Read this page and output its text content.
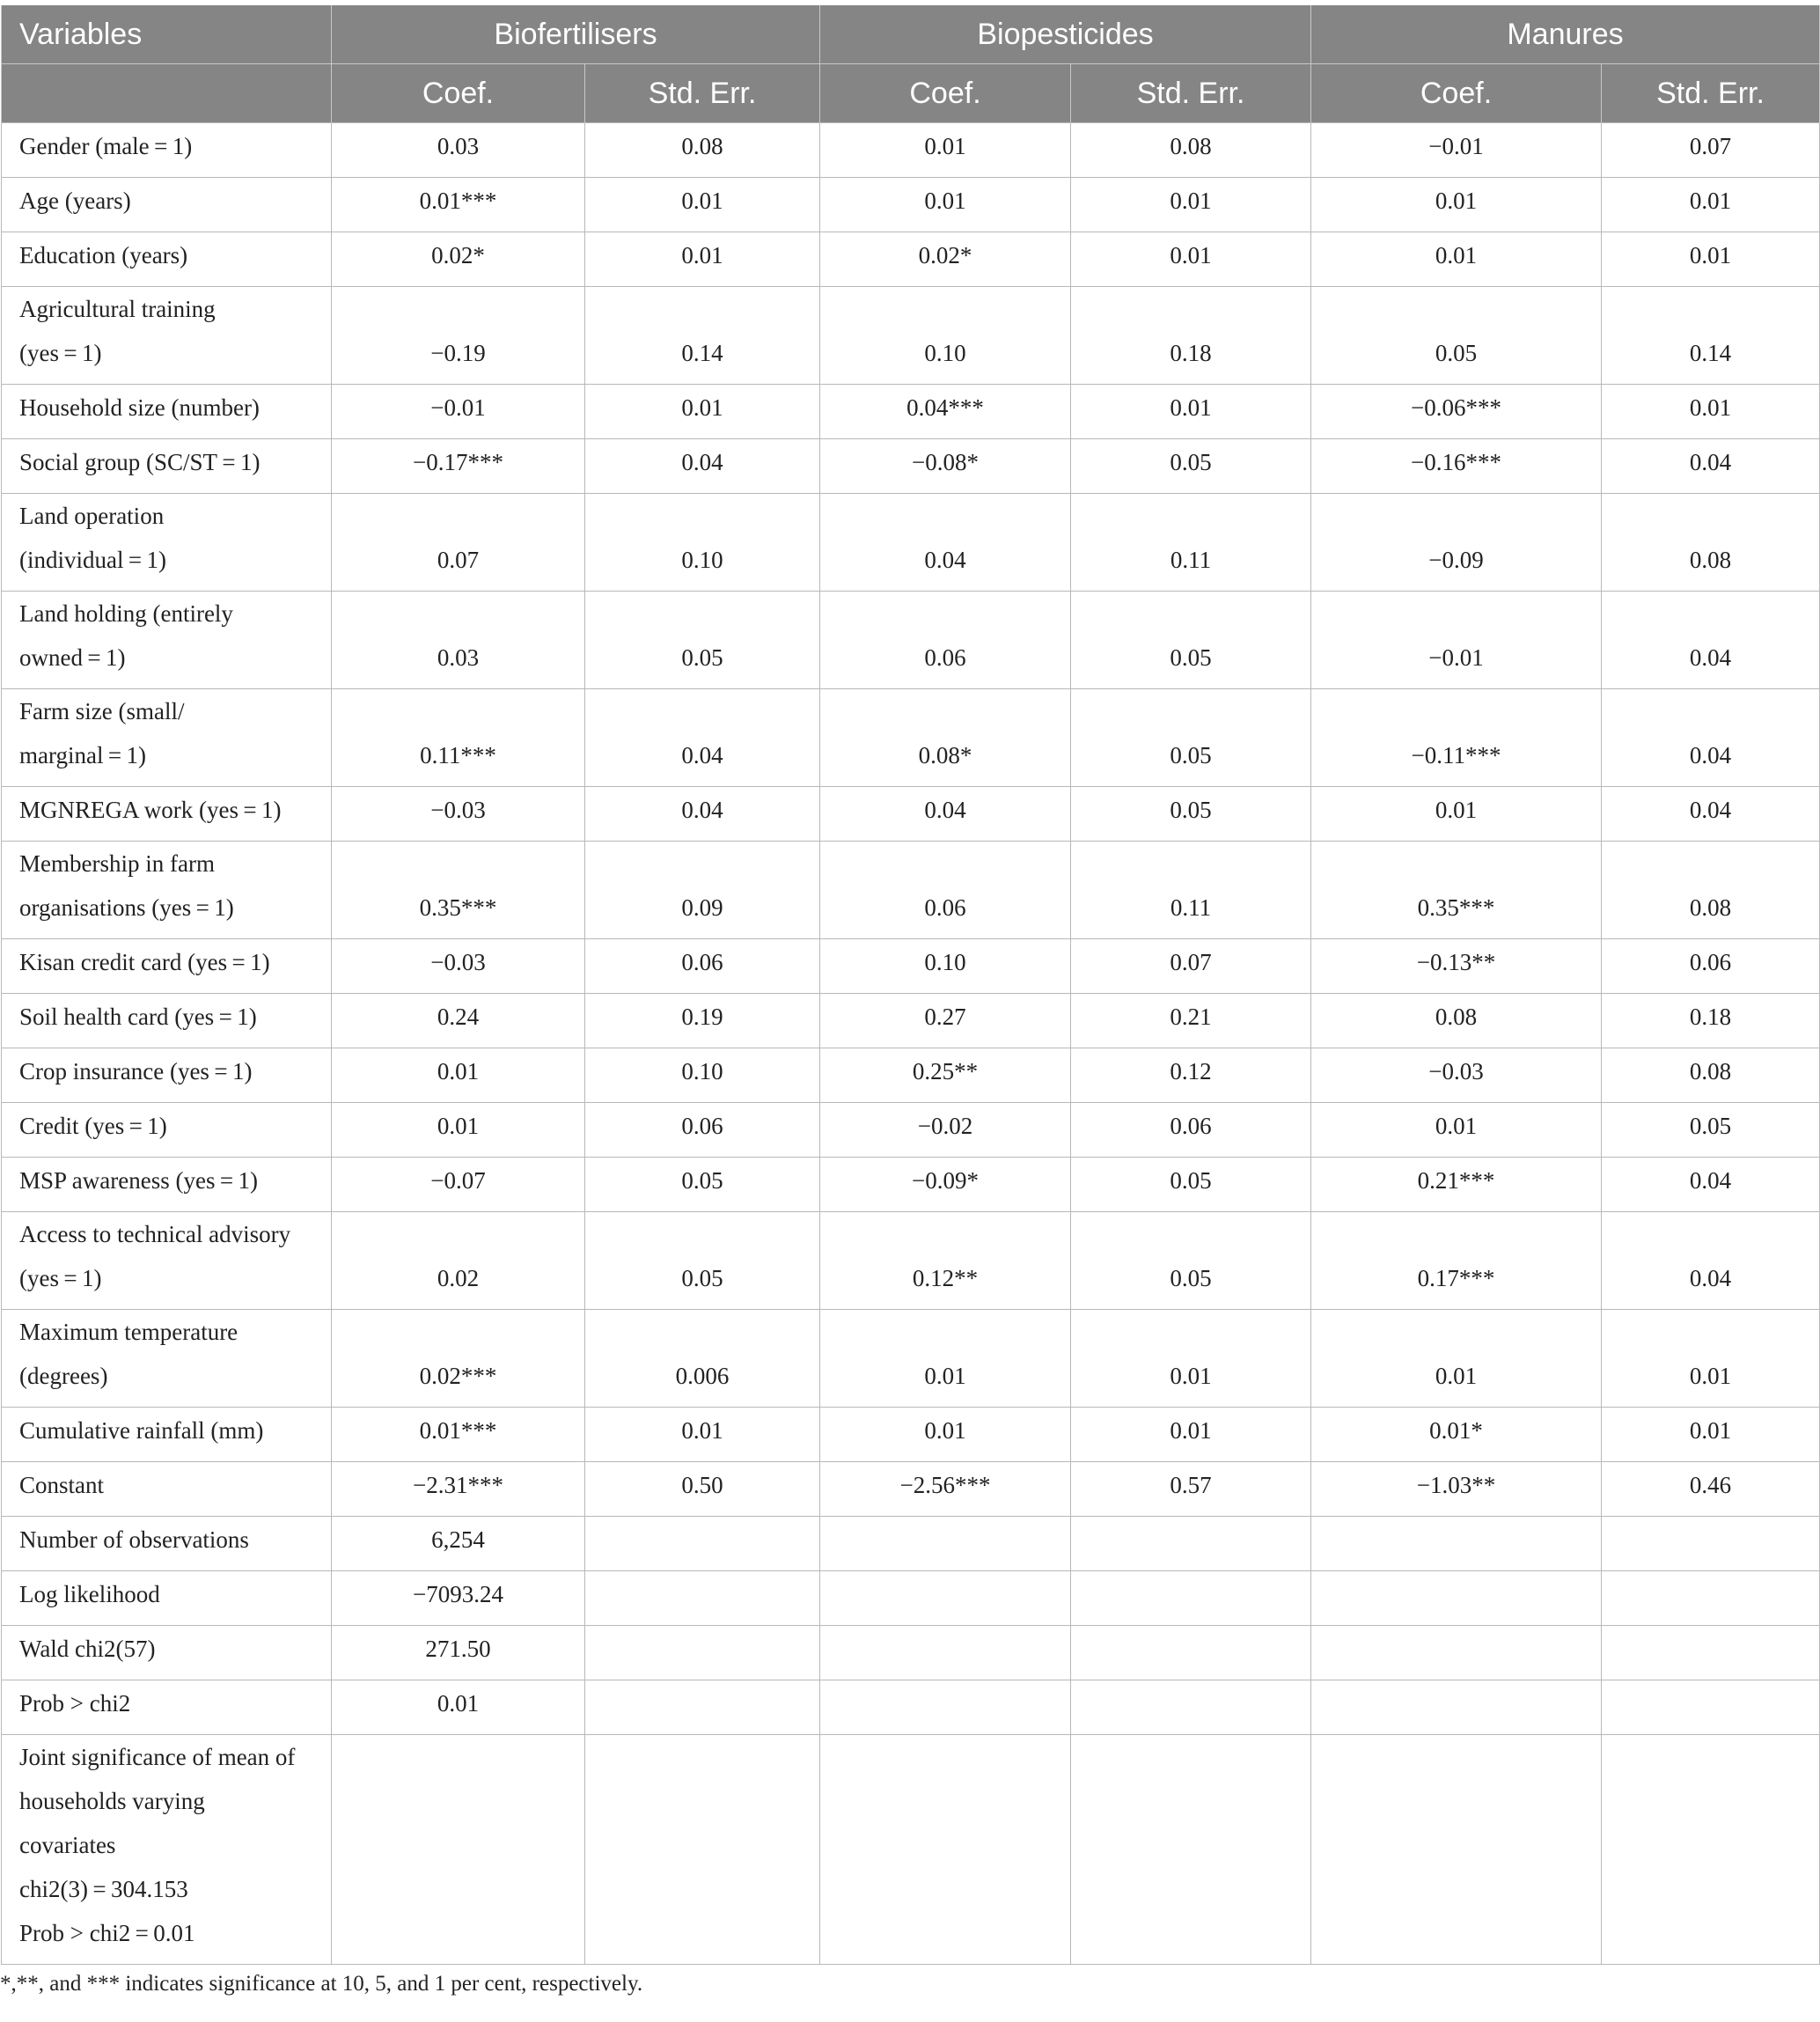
Variables	Biofertilisers		Biopesticides		Manures	
	Coef.	Std. Err.	Coef.	Std. Err.	Coef.	Std. Err.
Gender (male = 1)	0.03	0.08	0.01	0.08	−0.01	0.07
Age (years)	0.01***	0.01	0.01	0.01	0.01	0.01
Education (years)	0.02*	0.01	0.02*	0.01	0.01	0.01
Agricultural training
(yes = 1)	−0.19	0.14	0.10	0.18	0.05	0.14
Household size (number)	−0.01	0.01	0.04***	0.01	−0.06***	0.01
Social group (SC/ST = 1)	−0.17***	0.04	−0.08*	0.05	−0.16***	0.04
Land operation
(individual = 1)	0.07	0.10	0.04	0.11	−0.09	0.08
Land holding (entirely
owned = 1)	0.03	0.05	0.06	0.05	−0.01	0.04
Farm size (small/
marginal = 1)	0.11***	0.04	0.08*	0.05	−0.11***	0.04
MGNREGA work (yes = 1)	−0.03	0.04	0.04	0.05	0.01	0.04
Membership in farm
organisations (yes = 1)	0.35***	0.09	0.06	0.11	0.35***	0.08
Kisan credit card (yes = 1)	−0.03	0.06	0.10	0.07	−0.13**	0.06
Soil health card (yes = 1)	0.24	0.19	0.27	0.21	0.08	0.18
Crop insurance (yes = 1)	0.01	0.10	0.25**	0.12	−0.03	0.08
Credit (yes = 1)	0.01	0.06	−0.02	0.06	0.01	0.05
MSP awareness (yes = 1)	−0.07	0.05	−0.09*	0.05	0.21***	0.04
Access to technical advisory
(yes = 1)	0.02	0.05	0.12**	0.05	0.17***	0.04
Maximum temperature
(degrees)	0.02***	0.006	0.01	0.01	0.01	0.01
Cumulative rainfall (mm)	0.01***	0.01	0.01	0.01	0.01*	0.01
Constant	−2.31***	0.50	−2.56***	0.57	−1.03**	0.46
Number of observations	6,254					
Log likelihood	−7093.24					
Wald chi2(57)	271.50					
Prob > chi2	0.01					
Joint significance of mean of
households varying
covariates
chi2(3) = 304.153
Prob > chi2 = 0.01						
*,**, and *** indicates significance at 10, 5, and 1 per cent, respectively.
